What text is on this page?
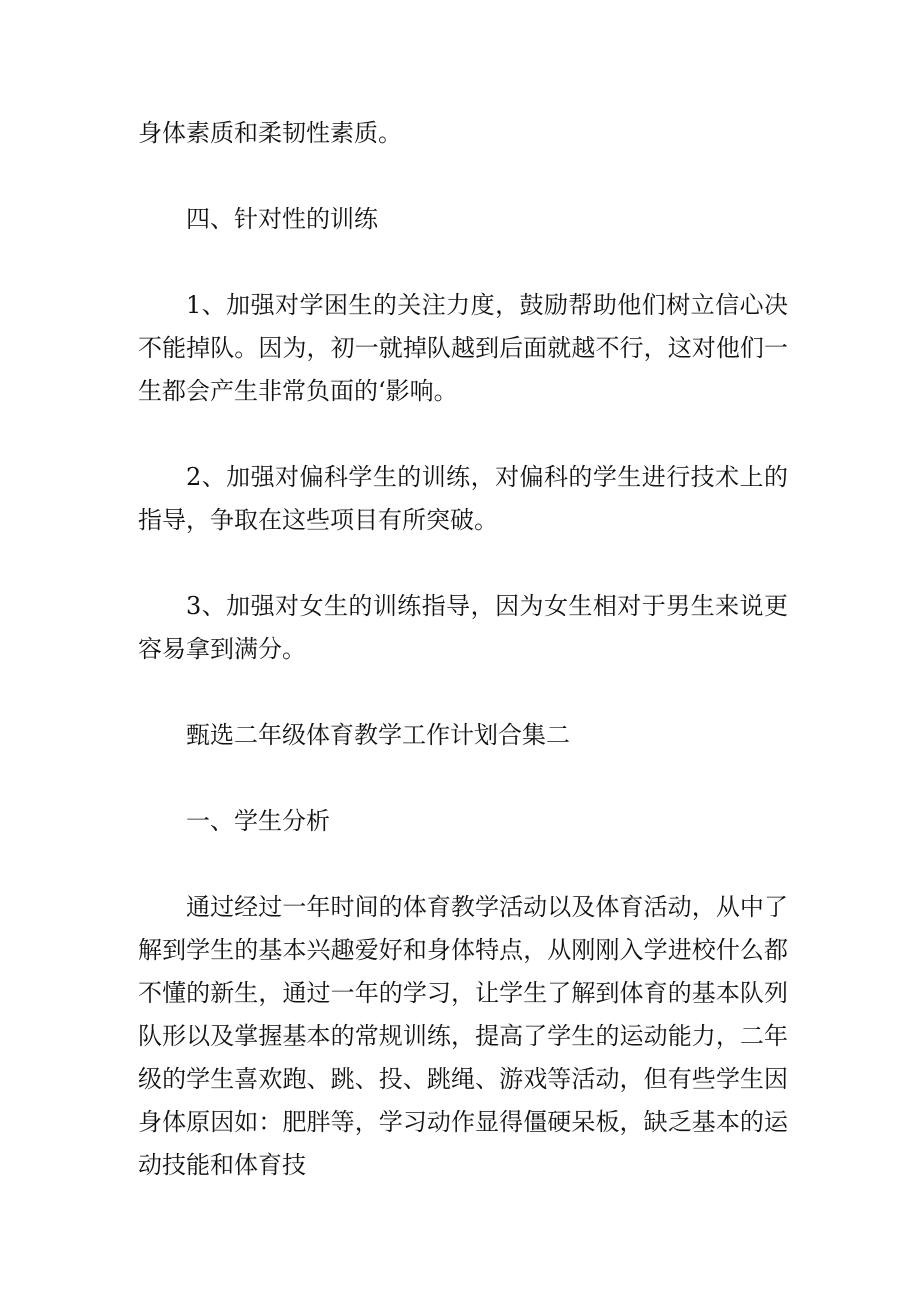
身体素质和柔韧性素质。

四、针对性的训练

1、加强对学困生的关注力度，鼓励帮助他们树立信心决不能掉队。因为，初一就掉队越到后面就越不行，这对他们一生都会产生非常负面的‘影响。

2、加强对偏科学生的训练，对偏科的学生进行技术上的指导，争取在这些项目有所突破。

3、加强对女生的训练指导，因为女生相对于男生来说更容易拿到满分。

甄选二年级体育教学工作计划合集二

一、学生分析

通过经过一年时间的体育教学活动以及体育活动，从中了解到学生的基本兴趣爱好和身体特点，从刚刚入学进校什么都不懂的新生，通过一年的学习，让学生了解到体育的基本队列队形以及掌握基本的常规训练，提高了学生的运动能力，二年级的学生喜欢跑、跳、投、跳绳、游戏等活动，但有些学生因身体原因如：肥胖等，学习动作显得僵硬呆板，缺乏基本的运动技能和体育技
